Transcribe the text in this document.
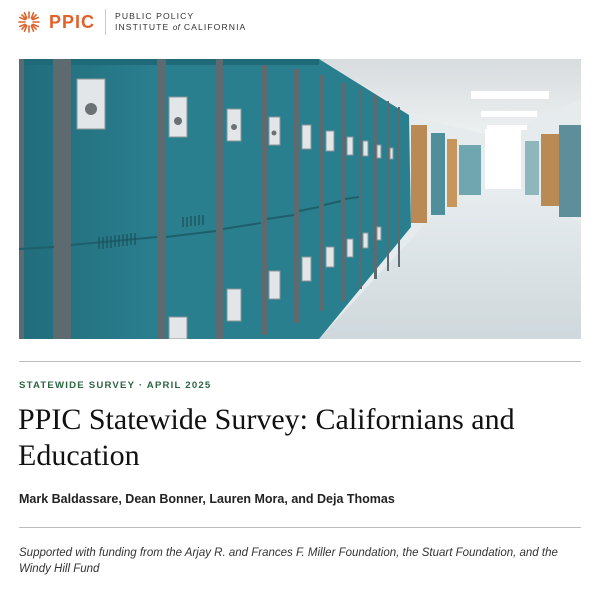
PPIC PUBLIC POLICY
INSTITUTE of CALIFORNIA
STATEWIDE SURVEY · APRIL 2025
PPIC Statewide Survey: Californians and Education
Mark Baldassare, Dean Bonner, Lauren Mora, and Deja Thomas
Supported with funding from the Arjay R. and Frances F. Miller Foundation, the Stuart Foundation, and the Windy Hill Fund
